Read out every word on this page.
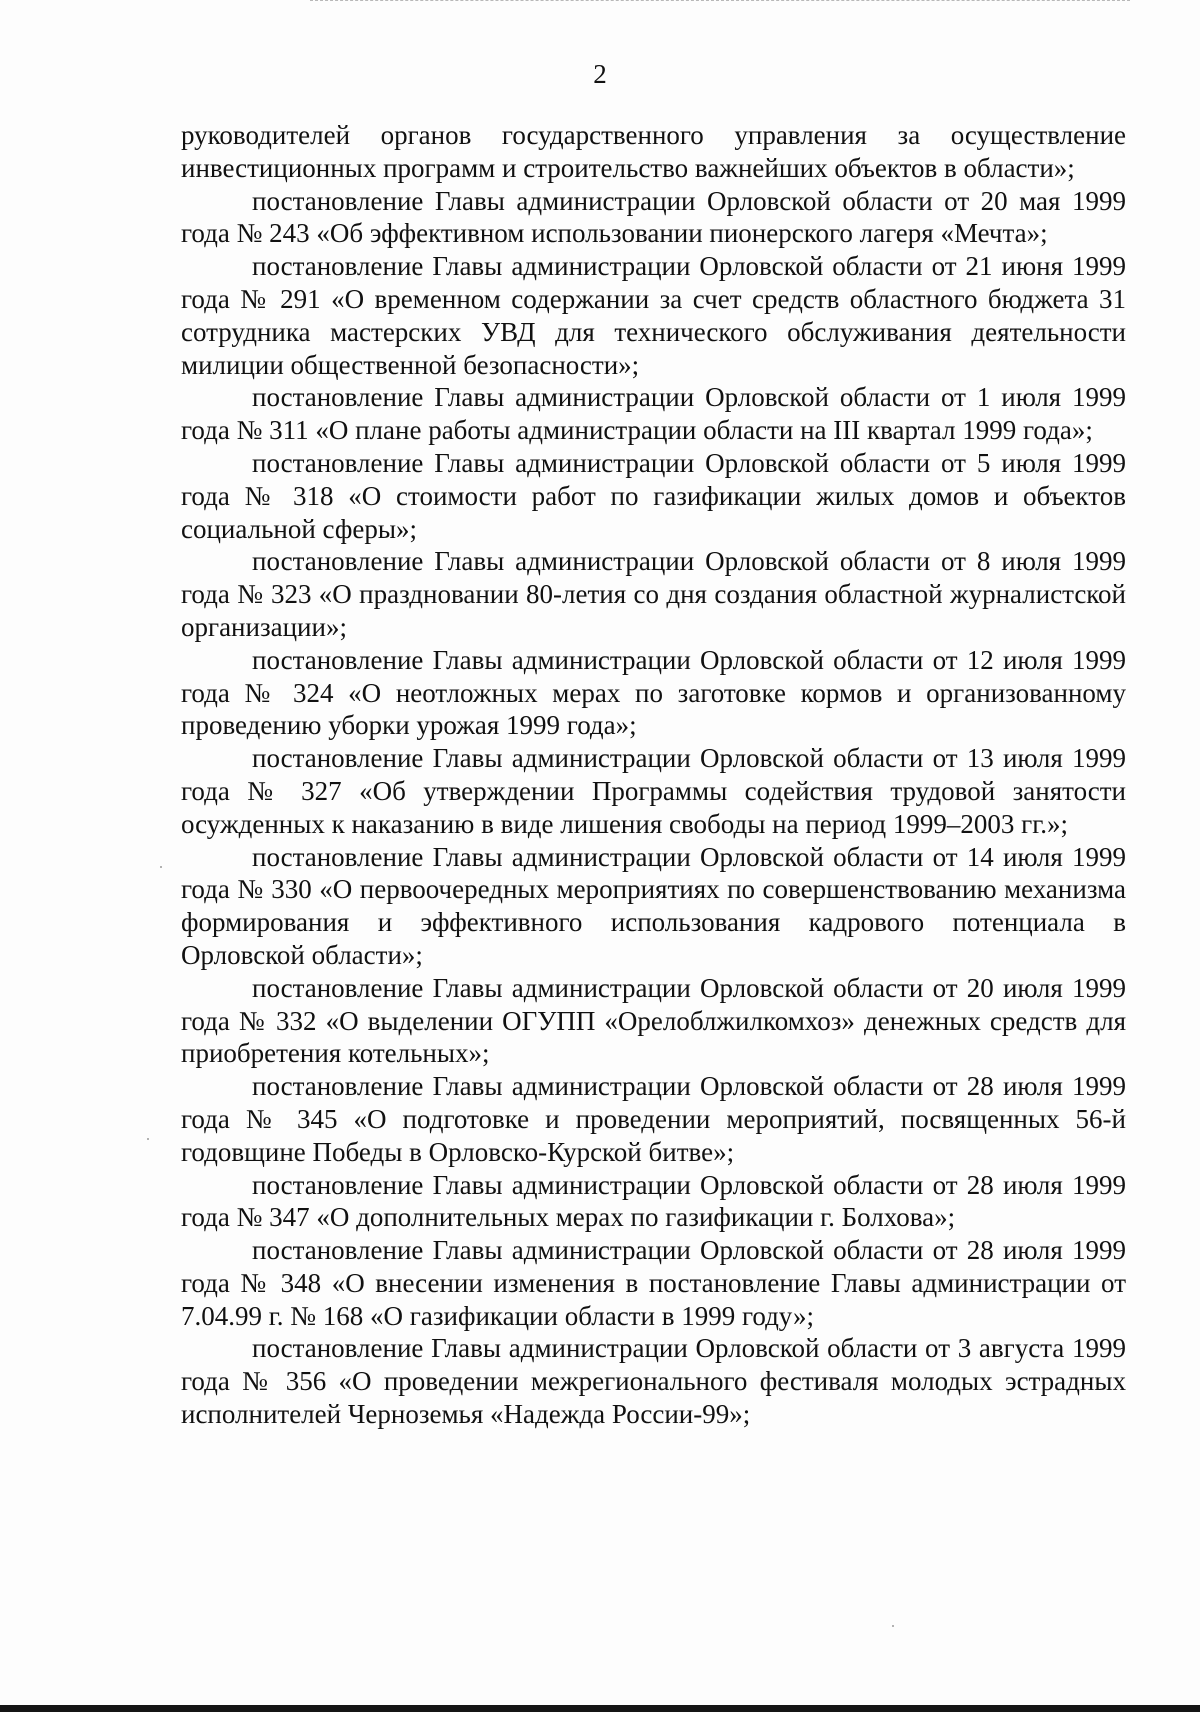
2

руководителей органов государственного управления за осуществление инвестиционных программ и строительство важнейших объектов в области»;

постановление Главы администрации Орловской области от 20 мая 1999 года № 243 «Об эффективном использовании пионерского лагеря «Мечта»;

постановление Главы администрации Орловской области от 21 июня 1999 года № 291 «О временном содержании за счет средств областного бюджета 31 сотрудника мастерских УВД для технического обслуживания деятельности милиции общественной безопасности»;

постановление Главы администрации Орловской области от 1 июля 1999 года № 311 «О плане работы администрации области на III квартал 1999 года»;

постановление Главы администрации Орловской области от 5 июля 1999 года № 318 «О стоимости работ по газификации жилых домов и объектов социальной сферы»;

постановление Главы администрации Орловской области от 8 июля 1999 года № 323 «О праздновании 80-летия со дня создания областной журналистской организации»;

постановление Главы администрации Орловской области от 12 июля 1999 года № 324 «О неотложных мерах по заготовке кормов и организованному проведению уборки урожая 1999 года»;

постановление Главы администрации Орловской области от 13 июля 1999 года № 327 «Об утверждении Программы содействия трудовой занятости осужденных к наказанию в виде лишения свободы на период 1999–2003 гг.»;

постановление Главы администрации Орловской области от 14 июля 1999 года № 330 «О первоочередных мероприятиях по совершенствованию механизма формирования и эффективного использования кадрового потенциала в Орловской области»;

постановление Главы администрации Орловской области от 20 июля 1999 года № 332 «О выделении ОГУПП «Орелоблжилкомхоз» денежных средств для приобретения котельных»;

постановление Главы администрации Орловской области от 28 июля 1999 года № 345 «О подготовке и проведении мероприятий, посвященных 56-й годовщине Победы в Орловско-Курской битве»;

постановление Главы администрации Орловской области от 28 июля 1999 года № 347 «О дополнительных мерах по газификации г. Болхова»;

постановление Главы администрации Орловской области от 28 июля 1999 года № 348 «О внесении изменения в постановление Главы администрации от 7.04.99 г. № 168 «О газификации области в 1999 году»;

постановление Главы администрации Орловской области от 3 августа 1999 года № 356 «О проведении межрегионального фестиваля молодых эстрадных исполнителей Черноземья «Надежда России-99»;
